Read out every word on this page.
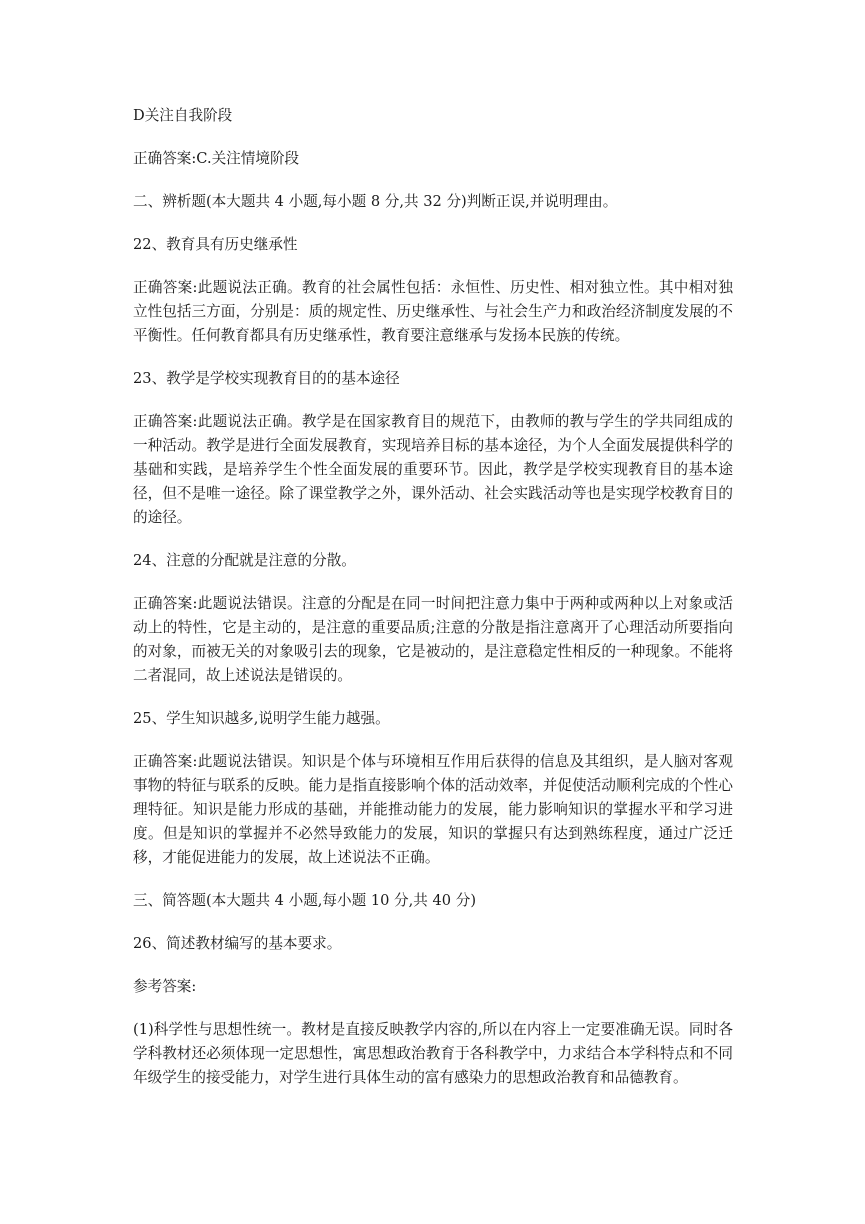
D关注自我阶段

正确答案:C.关注情境阶段

二、辨析题(本大题共 4 小题,每小题 8 分,共 32 分)判断正误,并说明理由。

22、教育具有历史继承性

正确答案:此题说法正确。教育的社会属性包括：永恒性、历史性、相对独立性。其中相对独立性包括三方面，分别是：质的规定性、历史继承性、与社会生产力和政治经济制度发展的不平衡性。任何教育都具有历史继承性，教育要注意继承与发扬本民族的传统。

23、教学是学校实现教育目的的基本途径

正确答案:此题说法正确。教学是在国家教育目的规范下，由教师的教与学生的学共同组成的一种活动。教学是进行全面发展教育，实现培养目标的基本途径，为个人全面发展提供科学的基础和实践，是培养学生个性全面发展的重要环节。因此，教学是学校实现教育目的基本途径，但不是唯一途径。除了课堂教学之外，课外活动、社会实践活动等也是实现学校教育目的的途径。

24、注意的分配就是注意的分散。

正确答案:此题说法错误。注意的分配是在同一时间把注意力集中于两种或两种以上对象或活动上的特性，它是主动的，是注意的重要品质;注意的分散是指注意离开了心理活动所要指向的对象，而被无关的对象吸引去的现象，它是被动的，是注意稳定性相反的一种现象。不能将二者混同，故上述说法是错误的。

25、学生知识越多,说明学生能力越强。

正确答案:此题说法错误。知识是个体与环境相互作用后获得的信息及其组织，是人脑对客观事物的特征与联系的反映。能力是指直接影响个体的活动效率，并促使活动顺利完成的个性心理特征。知识是能力形成的基础，并能推动能力的发展，能力影响知识的掌握水平和学习进度。但是知识的掌握并不必然导致能力的发展，知识的掌握只有达到熟练程度，通过广泛迁移，才能促进能力的发展，故上述说法不正确。

三、简答题(本大题共 4 小题,每小题 10 分,共 40 分)

26、简述教材编写的基本要求。

参考答案:

(1)科学性与思想性统一。教材是直接反映教学内容的,所以在内容上一定要准确无误。同时各学科教材还必须体现一定思想性，寓思想政治教育于各科教学中，力求结合本学科特点和不同年级学生的接受能力，对学生进行具体生动的富有感染力的思想政治教育和品德教育。
